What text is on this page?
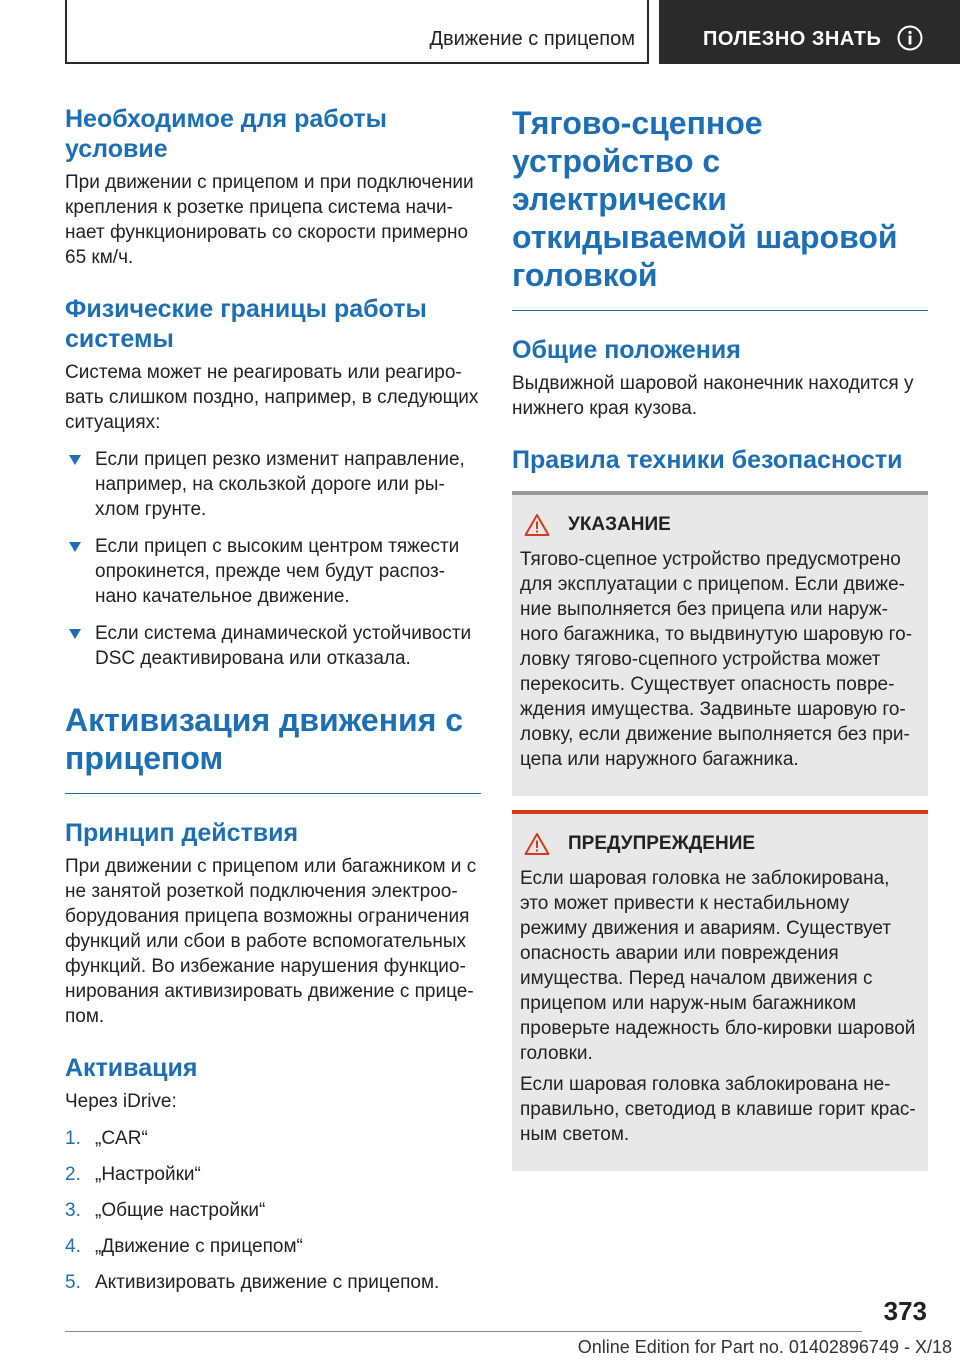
Движение с прицепом	ПОЛЕЗНО ЗНАТЬ
Необходимое для работы условие

При движении с прицепом и при подключении крепления к розетке прицепа система начи-нает функционировать со скорости примерно 65 км/ч.

Физические границы работы системы

Система может не реагировать или реагиро-вать слишком поздно, например, в следующих ситуациях:

Если прицеп резко изменит направление, например, на скользкой дороге или ры-хлом грунте.
Если прицеп с высоким центром тяжести опрокинется, прежде чем будут распоз-нано качательное движение.
Если система динамической устойчивости DSC деактивирована или отказала.
Активизация движения с прицепом
Принцип действия

При движении с прицепом или багажником и с не занятой розеткой подключения электроо-борудования прицепа возможны ограничения функций или сбои в работе вспомогательных функций. Во избежание нарушения функцио-нирования активизировать движение с прице-пом.

Активация

Через iDrive:

1. „CAR“
2. „Настройки“
3. „Общие настройки“
4. „Движение с прицепом“
5. Активизировать движение с прицепом.
Тягово-сцепное устройство с электрически откидываемой шаровой головкой
Общие положения

Выдвижной шаровой наконечник находится у нижнего края кузова.

Правила техники безопасности
УКАЗАНИЕ

Тягово-сцепное устройство предусмотрено для эксплуатации с прицепом. Если движе-ние выполняется без прицепа или наруж-ного багажника, то выдвинутую шаровую го-ловку тягово-сцепного устройства может перекосить. Существует опасность повре-ждения имущества. Задвиньте шаровую го-ловку, если движение выполняется без при-цепа или наружного багажника.

ПРЕДУПРЕЖДЕНИЕ

Если шаровая головка не заблокирована, это может привести к нестабильному режиму движения и авариям. Существует опасность аварии или повреждения имущества. Перед началом движения с прицепом или наруж-ным багажником проверьте надежность бло-кировки шаровой головки.

Если шаровая головка заблокирована не-правильно, светодиод в клавише горит крас-ным светом.

373
Online Edition for Part no. 01402896749 - X/18
